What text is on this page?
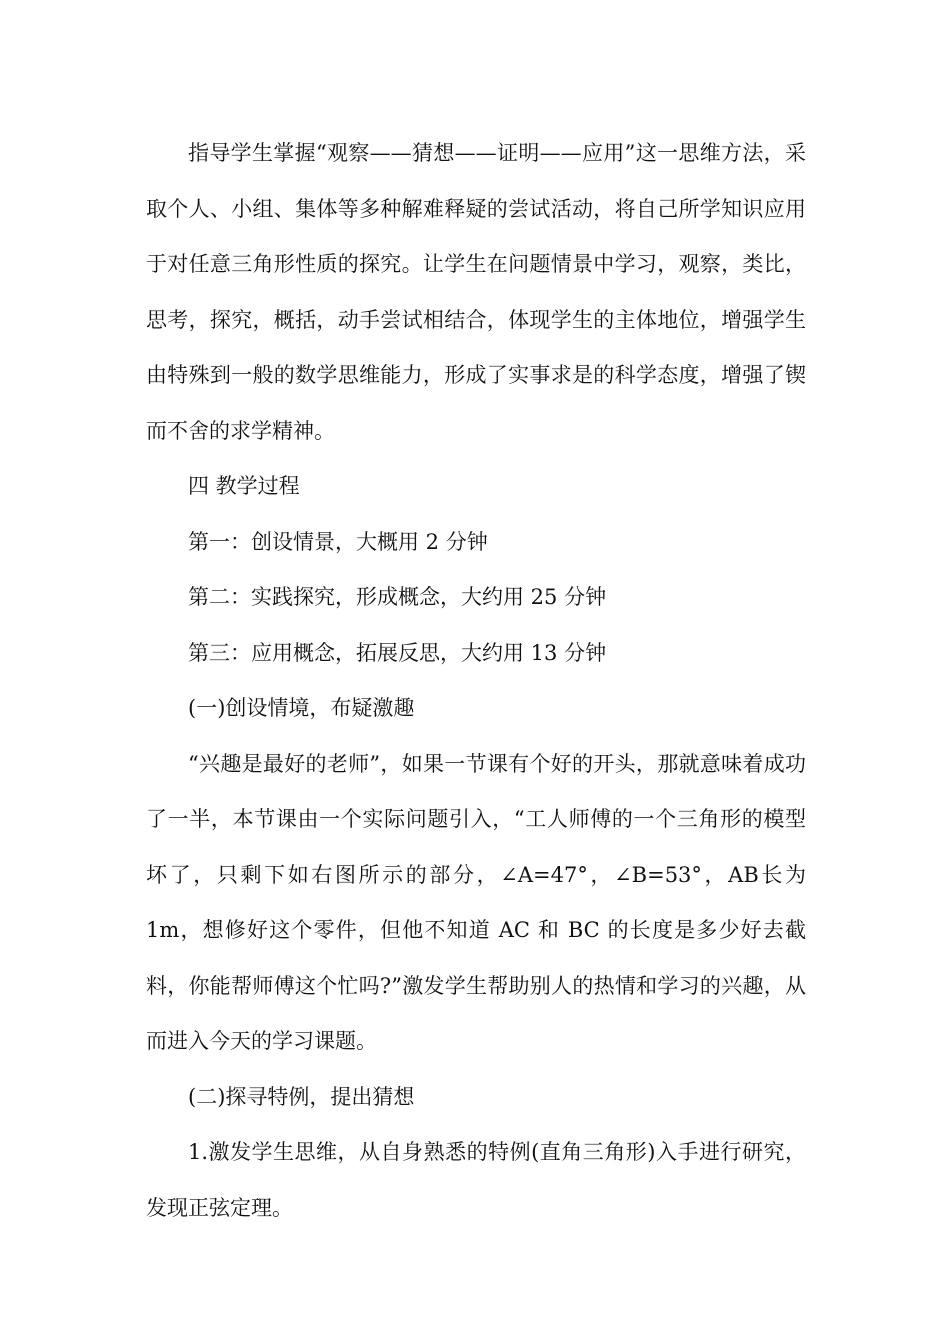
指导学生掌握“观察——猜想——证明——应用”这一思维方法，采取个人、小组、集体等多种解难释疑的尝试活动，将自己所学知识应用于对任意三角形性质的探究。让学生在问题情景中学习，观察，类比，思考，探究，概括，动手尝试相结合，体现学生的主体地位，增强学生由特殊到一般的数学思维能力，形成了实事求是的科学态度，增强了锲而不舍的求学精神。

四 教学过程

第一：创设情景，大概用 2 分钟

第二：实践探究，形成概念，大约用 25 分钟

第三：应用概念，拓展反思，大约用 13 分钟

(一)创设情境，布疑激趣

“兴趣是最好的老师”，如果一节课有个好的开头，那就意味着成功了一半，本节课由一个实际问题引入，“工人师傅的一个三角形的模型坏了，只剩下如右图所示的部分，∠A=47°，∠B=53°，AB长为 1m，想修好这个零件，但他不知道 AC 和 BC 的长度是多少好去截料，你能帮师傅这个忙吗?”激发学生帮助别人的热情和学习的兴趣，从而进入今天的学习课题。

(二)探寻特例，提出猜想

1.激发学生思维，从自身熟悉的特例(直角三角形)入手进行研究，发现正弦定理。
